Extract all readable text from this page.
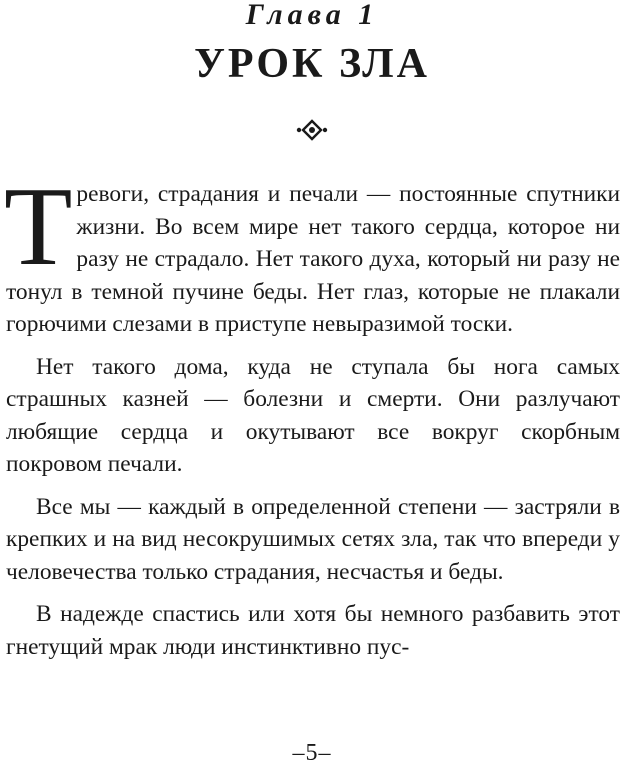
Глава 1
УРОК ЗЛА

Тревоги, страдания и печали — постоянные спутники жизни. Во всем мире нет такого сердца, которое ни разу не страдало. Нет такого духа, который ни разу не тонул в темной пучине беды. Нет глаз, которые не плакали горючими слезами в приступе невыразимой тоски.

Нет такого дома, куда не ступала бы нога самых страшных казней — болезни и смерти. Они разлучают любящие сердца и окутывают все вокруг скорбным покровом печали.

Все мы — каждый в определенной степени — застряли в крепких и на вид несокрушимых сетях зла, так что впереди у человечества только страдания, несчастья и беды.

В надежде спастись или хотя бы немного разбавить этот гнетущий мрак люди инстинктивно пус-

–5–
